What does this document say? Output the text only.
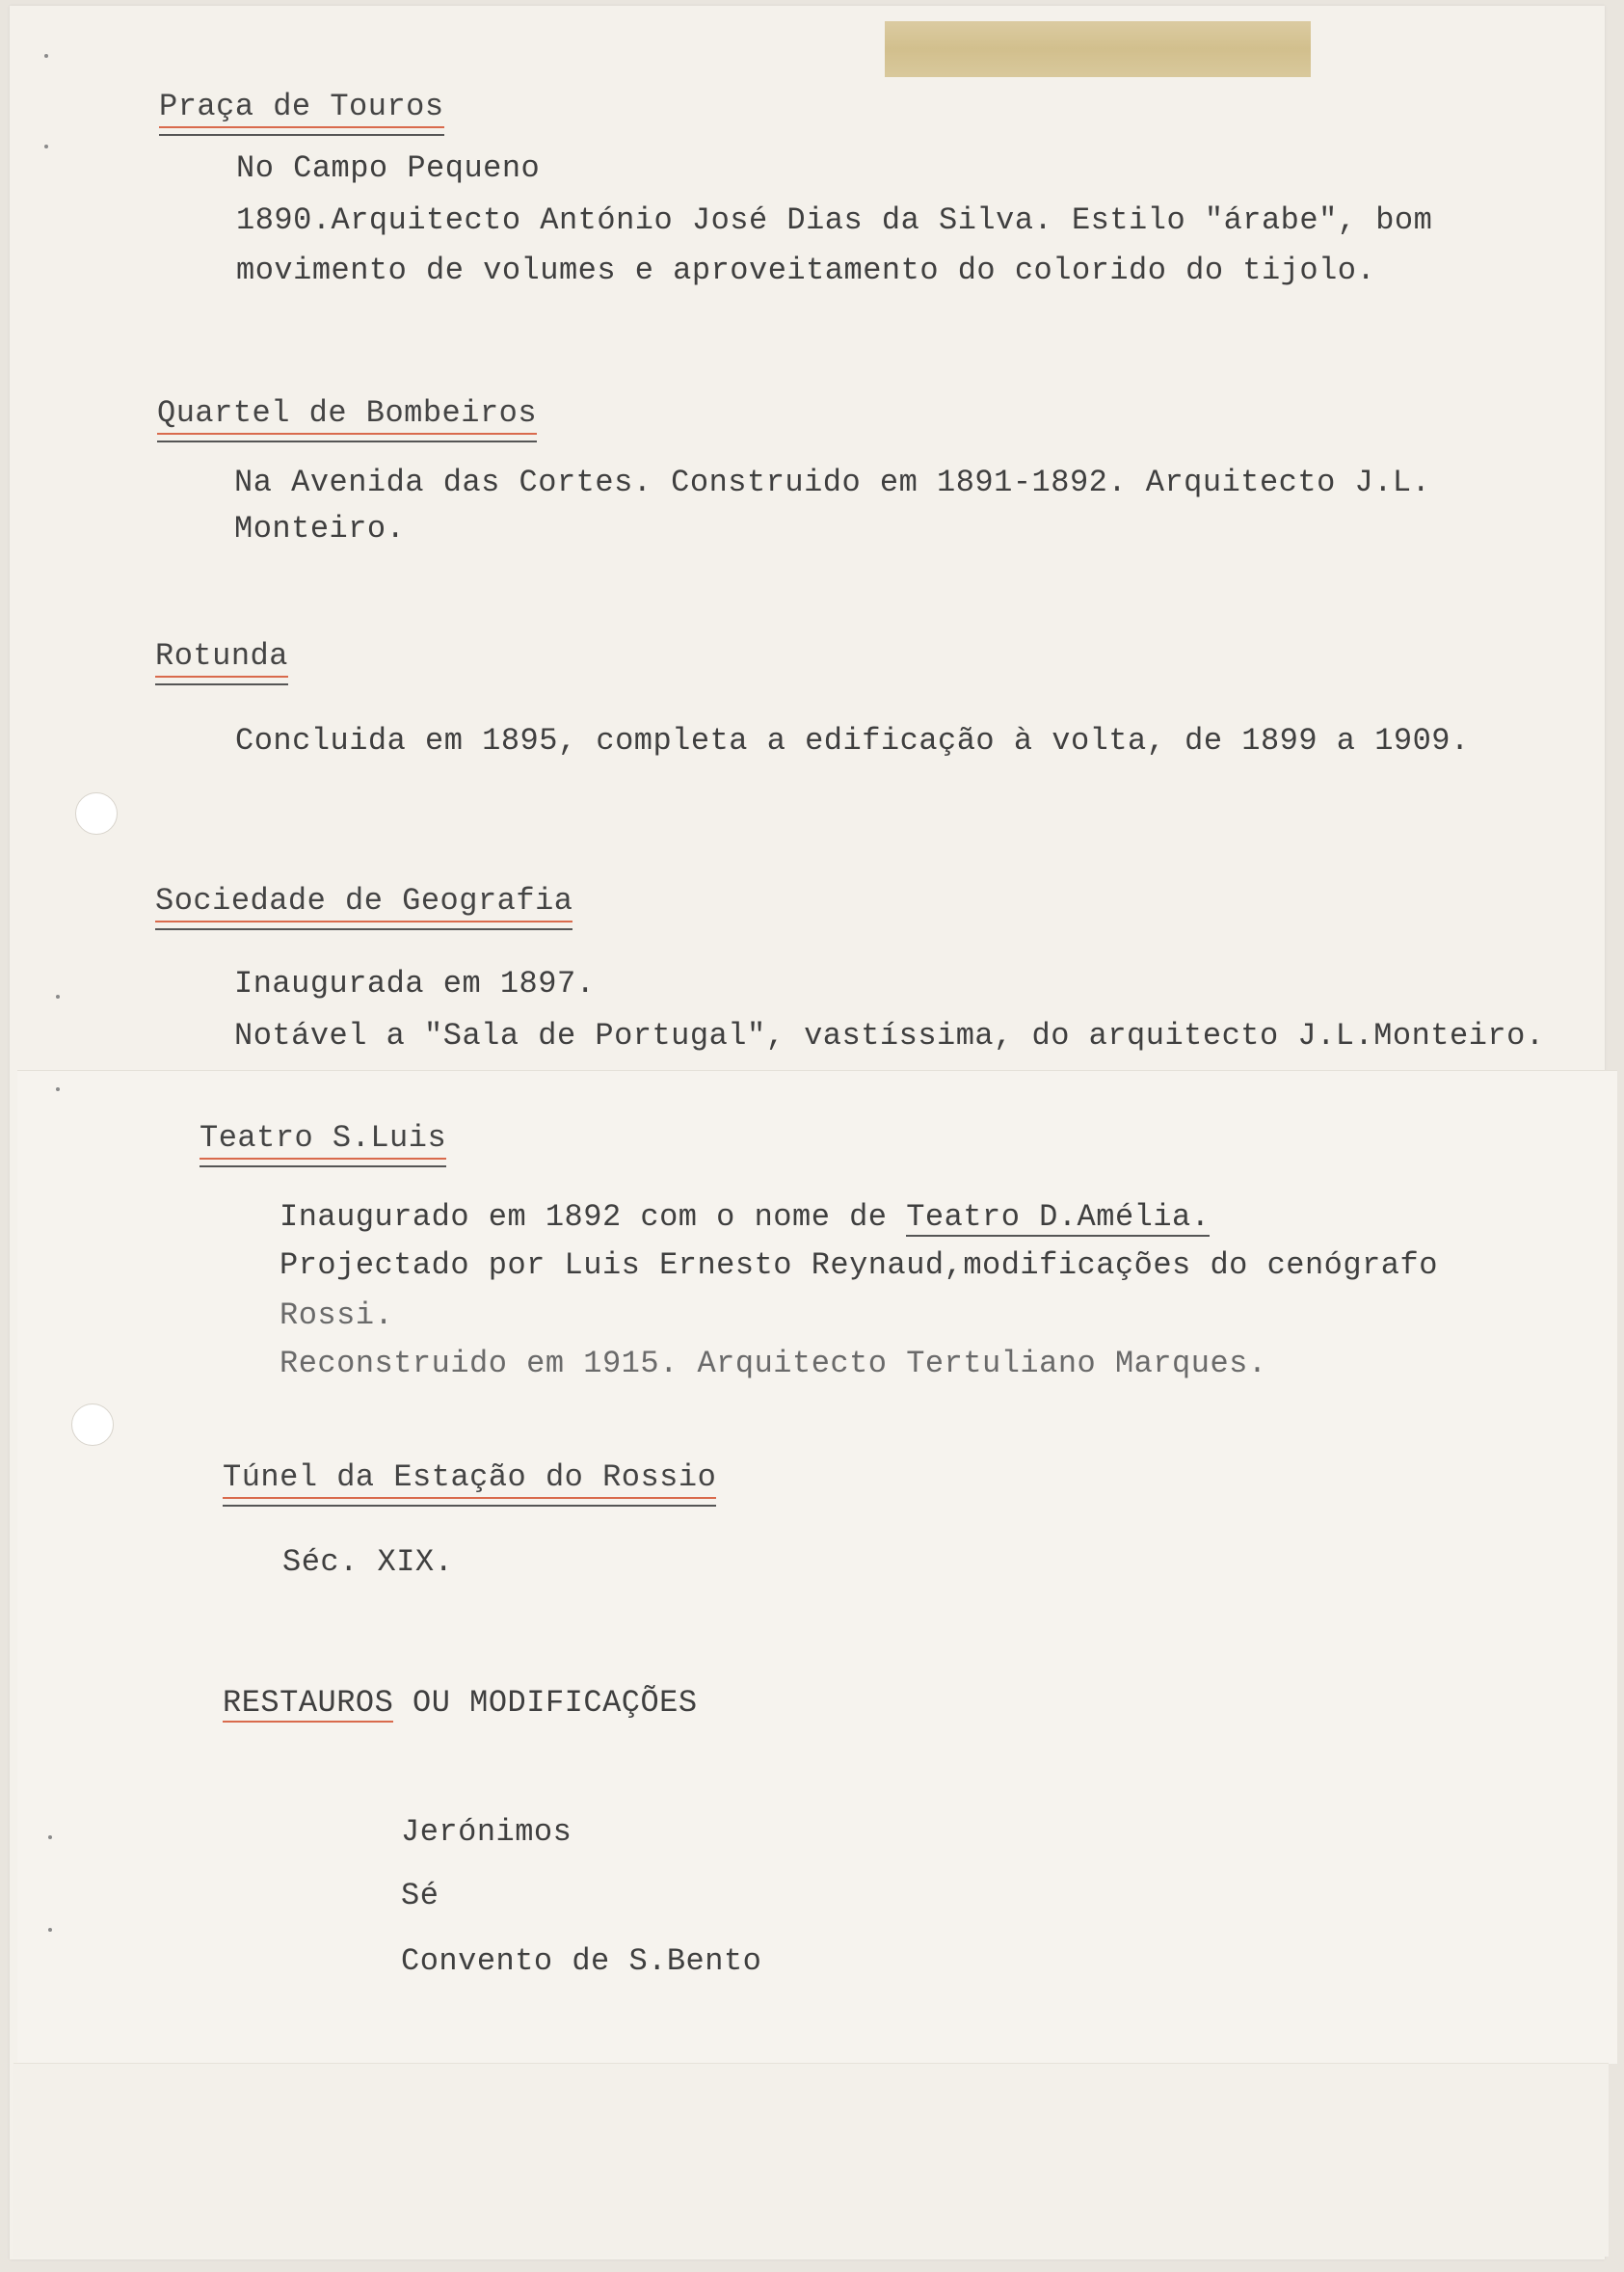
Praça de Touros
No Campo Pequeno
1890.Arquitecto António José Dias da Silva. Estilo "árabe", bom
movimento de volumes e aproveitamento do colorido do tijolo.
Quartel de Bombeiros
Na Avenida das Cortes. Construido em 1891-1892. Arquitecto J.L.
Monteiro.
Rotunda
Concluida em 1895, completa a edificação à volta, de 1899 a 1909.
Sociedade de Geografia
Inaugurada em 1897.
Notável a "Sala de Portugal", vastíssima, do arquitecto J.L.Monteiro.
Teatro S.Luis
Inaugurado em 1892 com o nome de Teatro D.Amélia.
Projectado por Luis Ernesto Reynaud,modificações do cenógrafo
Rossi.
Reconstruido em 1915. Arquitecto Tertuliano Marques.
Túnel da Estação do Rossio
Séc. XIX.
RESTAUROS OU MODIFICAÇÕES
Jerónimos
Sé
Convento de S.Bento
